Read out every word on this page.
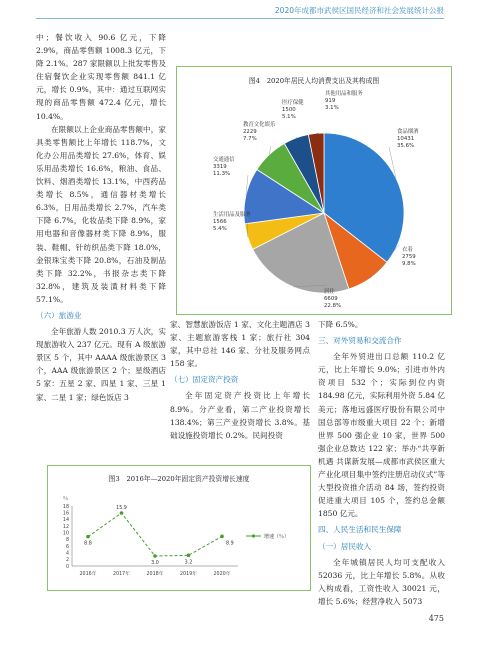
2020年成都市武侯区国民经济和社会发展统计公报

中；餐饮收入 90.6 亿元，下降 2.9%，商品零售额 1008.3 亿元，下降 2.1%。287 家限额以上批发零售及住宿餐饮企业实现零售额 841.1 亿元，增长 0.9%，其中：通过互联网实现的商品零售额 472.4 亿元，增长 10.4%。

在限额以上企业商品零售额中，家具类零售额比上年增长 118.7%，文化办公用品类增长 27.6%，体育、娱乐用品类增长 16.6%，粮油、食品、饮料、烟酒类增长 13.1%，中西药品类增长 8.5%，通信器材类增长 6.3%，日用品类增长 2.7%，汽车类下降 6.7%，化妆品类下降 8.9%，家用电器和音像器材类下降 8.9%，服装、鞋帽、针纺织品类下降 18.0%，金银珠宝类下降 20.8%，石油及制品类下降 32.2%，书报杂志类下降 32.8%，建筑及装潢材料类下降 57.1%。

（六）旅游业

全年旅游人数 2010.3 万人次，实现旅游收入 237 亿元。现有 A 级旅游景区 5 个，其中 AAAA 级旅游景区 3 个，AAA 级旅游景区 2 个；星级酒店 5 家：五星 2 家、四星 1 家、三星 1 家、二星 1 家；绿色饭店 3

图4　2020年居民人均消费支出及其构成图
食品烟酒
10431
35.6%
衣着
2759
9.8%
居住
6609
22.8%
生活用品及服务
1566
5.4%
交通通信
3319
11.3%
教育文化娱乐
2229
7.7%
医疗保健
1500
5.1%
其他用品和服务
919
3.1%

家、智慧旅游饭店 1 家、文化主题酒店 3 家、主题旅游客栈 1 家；旅行社 304 家，其中总社 146 家、分社及服务网点 158 家。

（七）固定资产投资

全年固定资产投资比上年增长 8.9%。分产业看，第二产业投资增长 138.4%；第三产业投资增长 3.8%。基础设施投资增长 0.2%。民间投资

下降 6.5%。

三、对外贸易和交流合作

全年外贸进出口总额 110.2 亿元，比上年增长 9.0%；引进市外内资项目 532 个；实际到位内资 184.98 亿元，实际利用外资 5.84 亿美元；落地远盛医疗股份有限公司中国总部等市级重大项目 22 个；新增世界 500 强企业 10 家，世界 500 强企业总数达 122 家；举办“共享新机遇 共谋新发展—成都市武侯区重大产业化项目集中签约注册启动仪式”等大型投资推介活动 84 场，签约投资促进重大项目 105 个，签约总金额 1850 亿元。

四、人民生活和民生保障

（一）居民收入

全年城镇居民人均可支配收入 52036 元，比上年增长 5.8%。从收入构成看，工资性收入 30021 元，增长 5.6%；经营净收入 5073

图3　2016年—2020年固定资产投资增长速度
％
0
2
4
6
8
10
12
14
16
18
2016年	2017年	2018年	2019年	2020年
8.8
15.9
3.0	3.2
8.9
增速（％）
475
